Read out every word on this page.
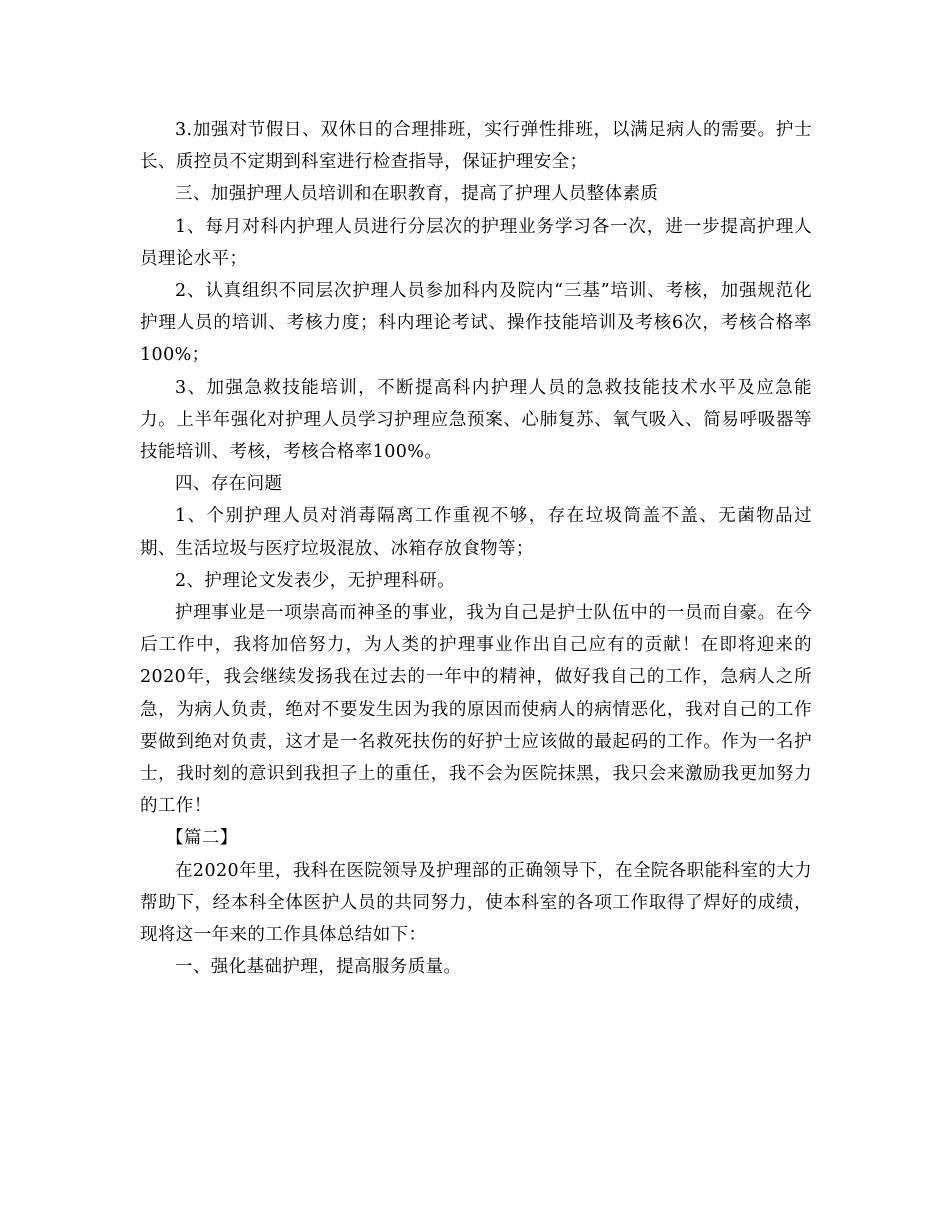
3.加强对节假日、双休日的合理排班，实行弹性排班，以满足病人的需要。护士长、质控员不定期到科室进行检查指导，保证护理安全；

三、加强护理人员培训和在职教育，提高了护理人员整体素质

1、每月对科内护理人员进行分层次的护理业务学习各一次，进一步提高护理人员理论水平；

2、认真组织不同层次护理人员参加科内及院内“三基”培训、考核，加强规范化护理人员的培训、考核力度；科内理论考试、操作技能培训及考核6次，考核合格率100%；

3、加强急救技能培训，不断提高科内护理人员的急救技能技术水平及应急能力。上半年强化对护理人员学习护理应急预案、心肺复苏、氧气吸入、简易呼吸器等技能培训、考核，考核合格率100%。

四、存在问题

1、个别护理人员对消毒隔离工作重视不够，存在垃圾筒盖不盖、无菌物品过期、生活垃圾与医疗垃圾混放、冰箱存放食物等；

2、护理论文发表少，无护理科研。

护理事业是一项崇高而神圣的事业，我为自己是护士队伍中的一员而自豪。在今后工作中，我将加倍努力，为人类的护理事业作出自己应有的贡献！在即将迎来的2020年，我会继续发扬我在过去的一年中的精神，做好我自己的工作，急病人之所急，为病人负责，绝对不要发生因为我的原因而使病人的病情恶化，我对自己的工作要做到绝对负责，这才是一名救死扶伤的好护士应该做的最起码的工作。作为一名护士，我时刻的意识到我担子上的重任，我不会为医院抹黑，我只会来激励我更加努力的工作！

【篇二】

在2020年里，我科在医院领导及护理部的正确领导下，在全院各职能科室的大力帮助下，经本科全体医护人员的共同努力，使本科室的各项工作取得了焊好的成绩，现将这一年来的工作具体总结如下：

一、强化基础护理，提高服务质量。
